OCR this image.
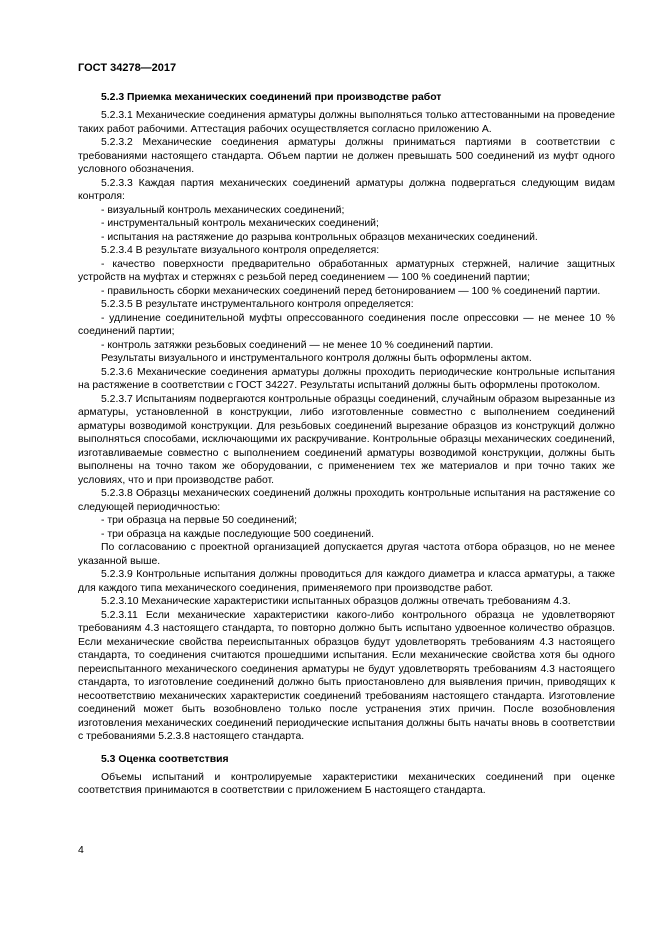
ГОСТ 34278—2017
5.2.3 Приемка механических соединений при производстве работ

5.2.3.1 Механические соединения арматуры должны выполняться только аттестованными на проведение таких работ рабочими. Аттестация рабочих осуществляется согласно приложению А.

5.2.3.2 Механические соединения арматуры должны приниматься партиями в соответствии с требованиями настоящего стандарта. Объем партии не должен превышать 500 соединений из муфт одного условного обозначения.

5.2.3.3 Каждая партия механических соединений арматуры должна подвергаться следующим видам контроля:

- визуальный контроль механических соединений;

- инструментальный контроль механических соединений;

- испытания на растяжение до разрыва контрольных образцов механических соединений.

5.2.3.4 В результате визуального контроля определяется:

- качество поверхности предварительно обработанных арматурных стержней, наличие защитных устройств на муфтах и стержнях с резьбой перед соединением — 100 % соединений партии;

- правильность сборки механических соединений перед бетонированием — 100 % соединений партии.

5.2.3.5 В результате инструментального контроля определяется:

- удлинение соединительной муфты опрессованного соединения после опрессовки — не менее 10 % соединений партии;

- контроль затяжки резьбовых соединений — не менее 10 % соединений партии.

Результаты визуального и инструментального контроля должны быть оформлены актом.

5.2.3.6 Механические соединения арматуры должны проходить периодические контрольные испытания на растяжение в соответствии с ГОСТ 34227. Результаты испытаний должны быть оформлены протоколом.

5.2.3.7 Испытаниям подвергаются контрольные образцы соединений, случайным образом вырезанные из арматуры, установленной в конструкции, либо изготовленные совместно с выполнением соединений арматуры возводимой конструкции. Для резьбовых соединений вырезание образцов из конструкций должно выполняться способами, исключающими их раскручивание. Контрольные образцы механических соединений, изготавливаемые совместно с выполнением соединений арматуры возводимой конструкции, должны быть выполнены на точно таком же оборудовании, с применением тех же материалов и при точно таких же условиях, что и при производстве работ.

5.2.3.8 Образцы механических соединений должны проходить контрольные испытания на растяжение со следующей периодичностью:

- три образца на первые 50 соединений;

- три образца на каждые последующие 500 соединений.

По согласованию с проектной организацией допускается другая частота отбора образцов, но не менее указанной выше.

5.2.3.9 Контрольные испытания должны проводиться для каждого диаметра и класса арматуры, а также для каждого типа механического соединения, применяемого при производстве работ.

5.2.3.10 Механические характеристики испытанных образцов должны отвечать требованиям 4.3.

5.2.3.11 Если механические характеристики какого-либо контрольного образца не удовлетворяют требованиям 4.3 настоящего стандарта, то повторно должно быть испытано удвоенное количество образцов. Если механические свойства переиспытанных образцов будут удовлетворять требованиям 4.3 настоящего стандарта, то соединения считаются прошедшими испытания. Если механические свойства хотя бы одного переиспытанного механического соединения арматуры не будут удовлетворять требованиям 4.3 настоящего стандарта, то изготовление соединений должно быть приостановлено для выявления причин, приводящих к несоответствию механических характеристик соединений требованиям настоящего стандарта. Изготовление соединений может быть возобновлено только после устранения этих причин. После возобновления изготовления механических соединений периодические испытания должны быть начаты вновь в соответствии с требованиями 5.2.3.8 настоящего стандарта.

5.3 Оценка соответствия

Объемы испытаний и контролируемые характеристики механических соединений при оценке соответствия принимаются в соответствии с приложением Б настоящего стандарта.

4
